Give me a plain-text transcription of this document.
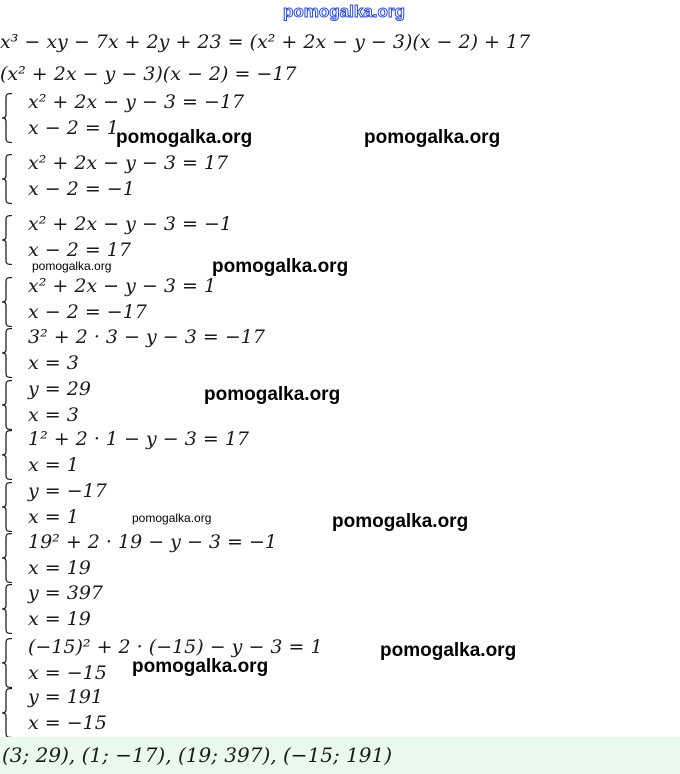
pomogalka.org
x³ − xy − 7x + 2y + 23 = (x² + 2x − y − 3)(x − 2) + 17
(x² + 2x − y − 3)(x − 2) = −17
x² + 2x − y − 3 = −17
x − 2 = 1
x² + 2x − y − 3 = 17
x − 2 = −1
x² + 2x − y − 3 = −1
x − 2 = 17
x² + 2x − y − 3 = 1
x − 2 = −17
3² + 2 · 3 − y − 3 = −17
x = 3
y = 29
x = 3
1² + 2 · 1 − y − 3 = 17
x = 1
y = −17
x = 1
19² + 2 · 19 − y − 3 = −1
x = 19
y = 397
x = 19
(−15)² + 2 · (−15) − y − 3 = 1
x = −15
y = 191
x = −15
pomogalka.org	pomogalka.org
pomogalka.org	pomogalka.org
pomogalka.org
pomogalka.org	pomogalka.org
pomogalka.org
pomogalka.org
(3; 29), (1; −17), (19; 397), (−15; 191)
